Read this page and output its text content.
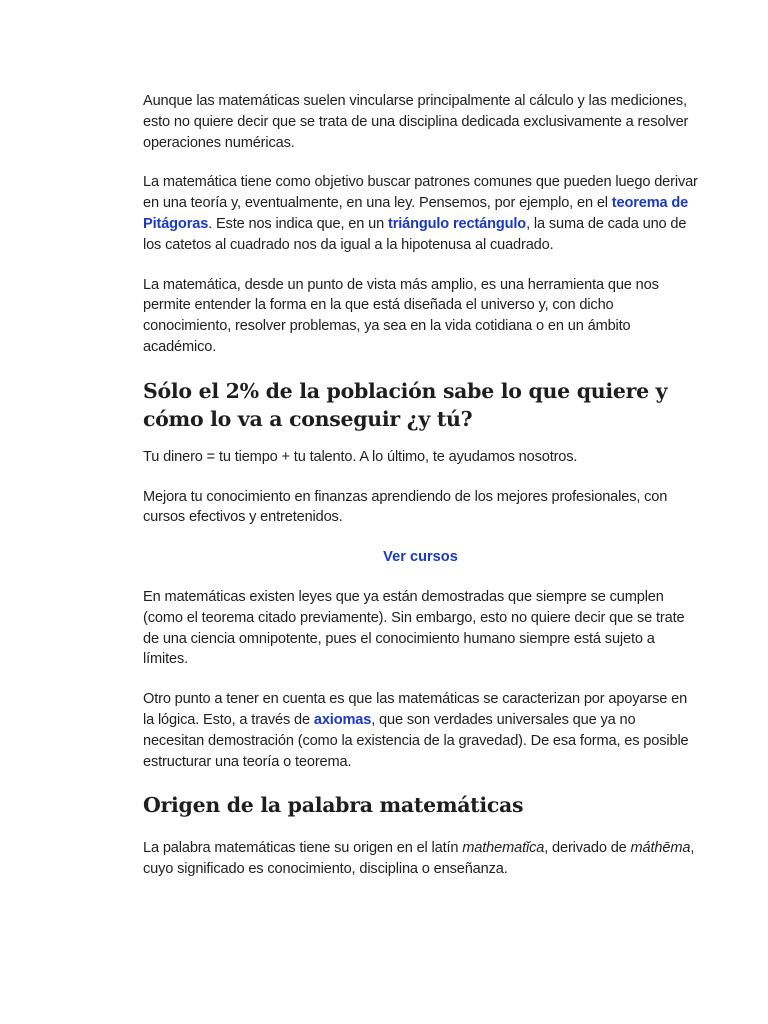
Aunque las matemáticas suelen vincularse principalmente al cálculo y las mediciones, esto no quiere decir que se trata de una disciplina dedicada exclusivamente a resolver operaciones numéricas.

La matemática tiene como objetivo buscar patrones comunes que pueden luego derivar en una teoría y, eventualmente, en una ley. Pensemos, por ejemplo, en el teorema de Pitágoras. Este nos indica que, en un triángulo rectángulo, la suma de cada uno de los catetos al cuadrado nos da igual a la hipotenusa al cuadrado.

La matemática, desde un punto de vista más amplio, es una herramienta que nos permite entender la forma en la que está diseñada el universo y, con dicho conocimiento, resolver problemas, ya sea en la vida cotidiana o en un ámbito académico.

Sólo el 2% de la población sabe lo que quiere y cómo lo va a conseguir ¿y tú?

Tu dinero = tu tiempo + tu talento. A lo último, te ayudamos nosotros.

Mejora tu conocimiento en finanzas aprendiendo de los mejores profesionales, con cursos efectivos y entretenidos.

Ver cursos

En matemáticas existen leyes que ya están demostradas que siempre se cumplen (como el teorema citado previamente). Sin embargo, esto no quiere decir que se trate de una ciencia omnipotente, pues el conocimiento humano siempre está sujeto a límites.

Otro punto a tener en cuenta es que las matemáticas se caracterizan por apoyarse en la lógica. Esto, a través de axiomas, que son verdades universales que ya no necesitan demostración (como la existencia de la gravedad). De esa forma, es posible estructurar una teoría o teorema.

Origen de la palabra matemáticas

La palabra matemáticas tiene su origen en el latín mathematĭca, derivado de máthēma, cuyo significado es conocimiento, disciplina o enseñanza.
